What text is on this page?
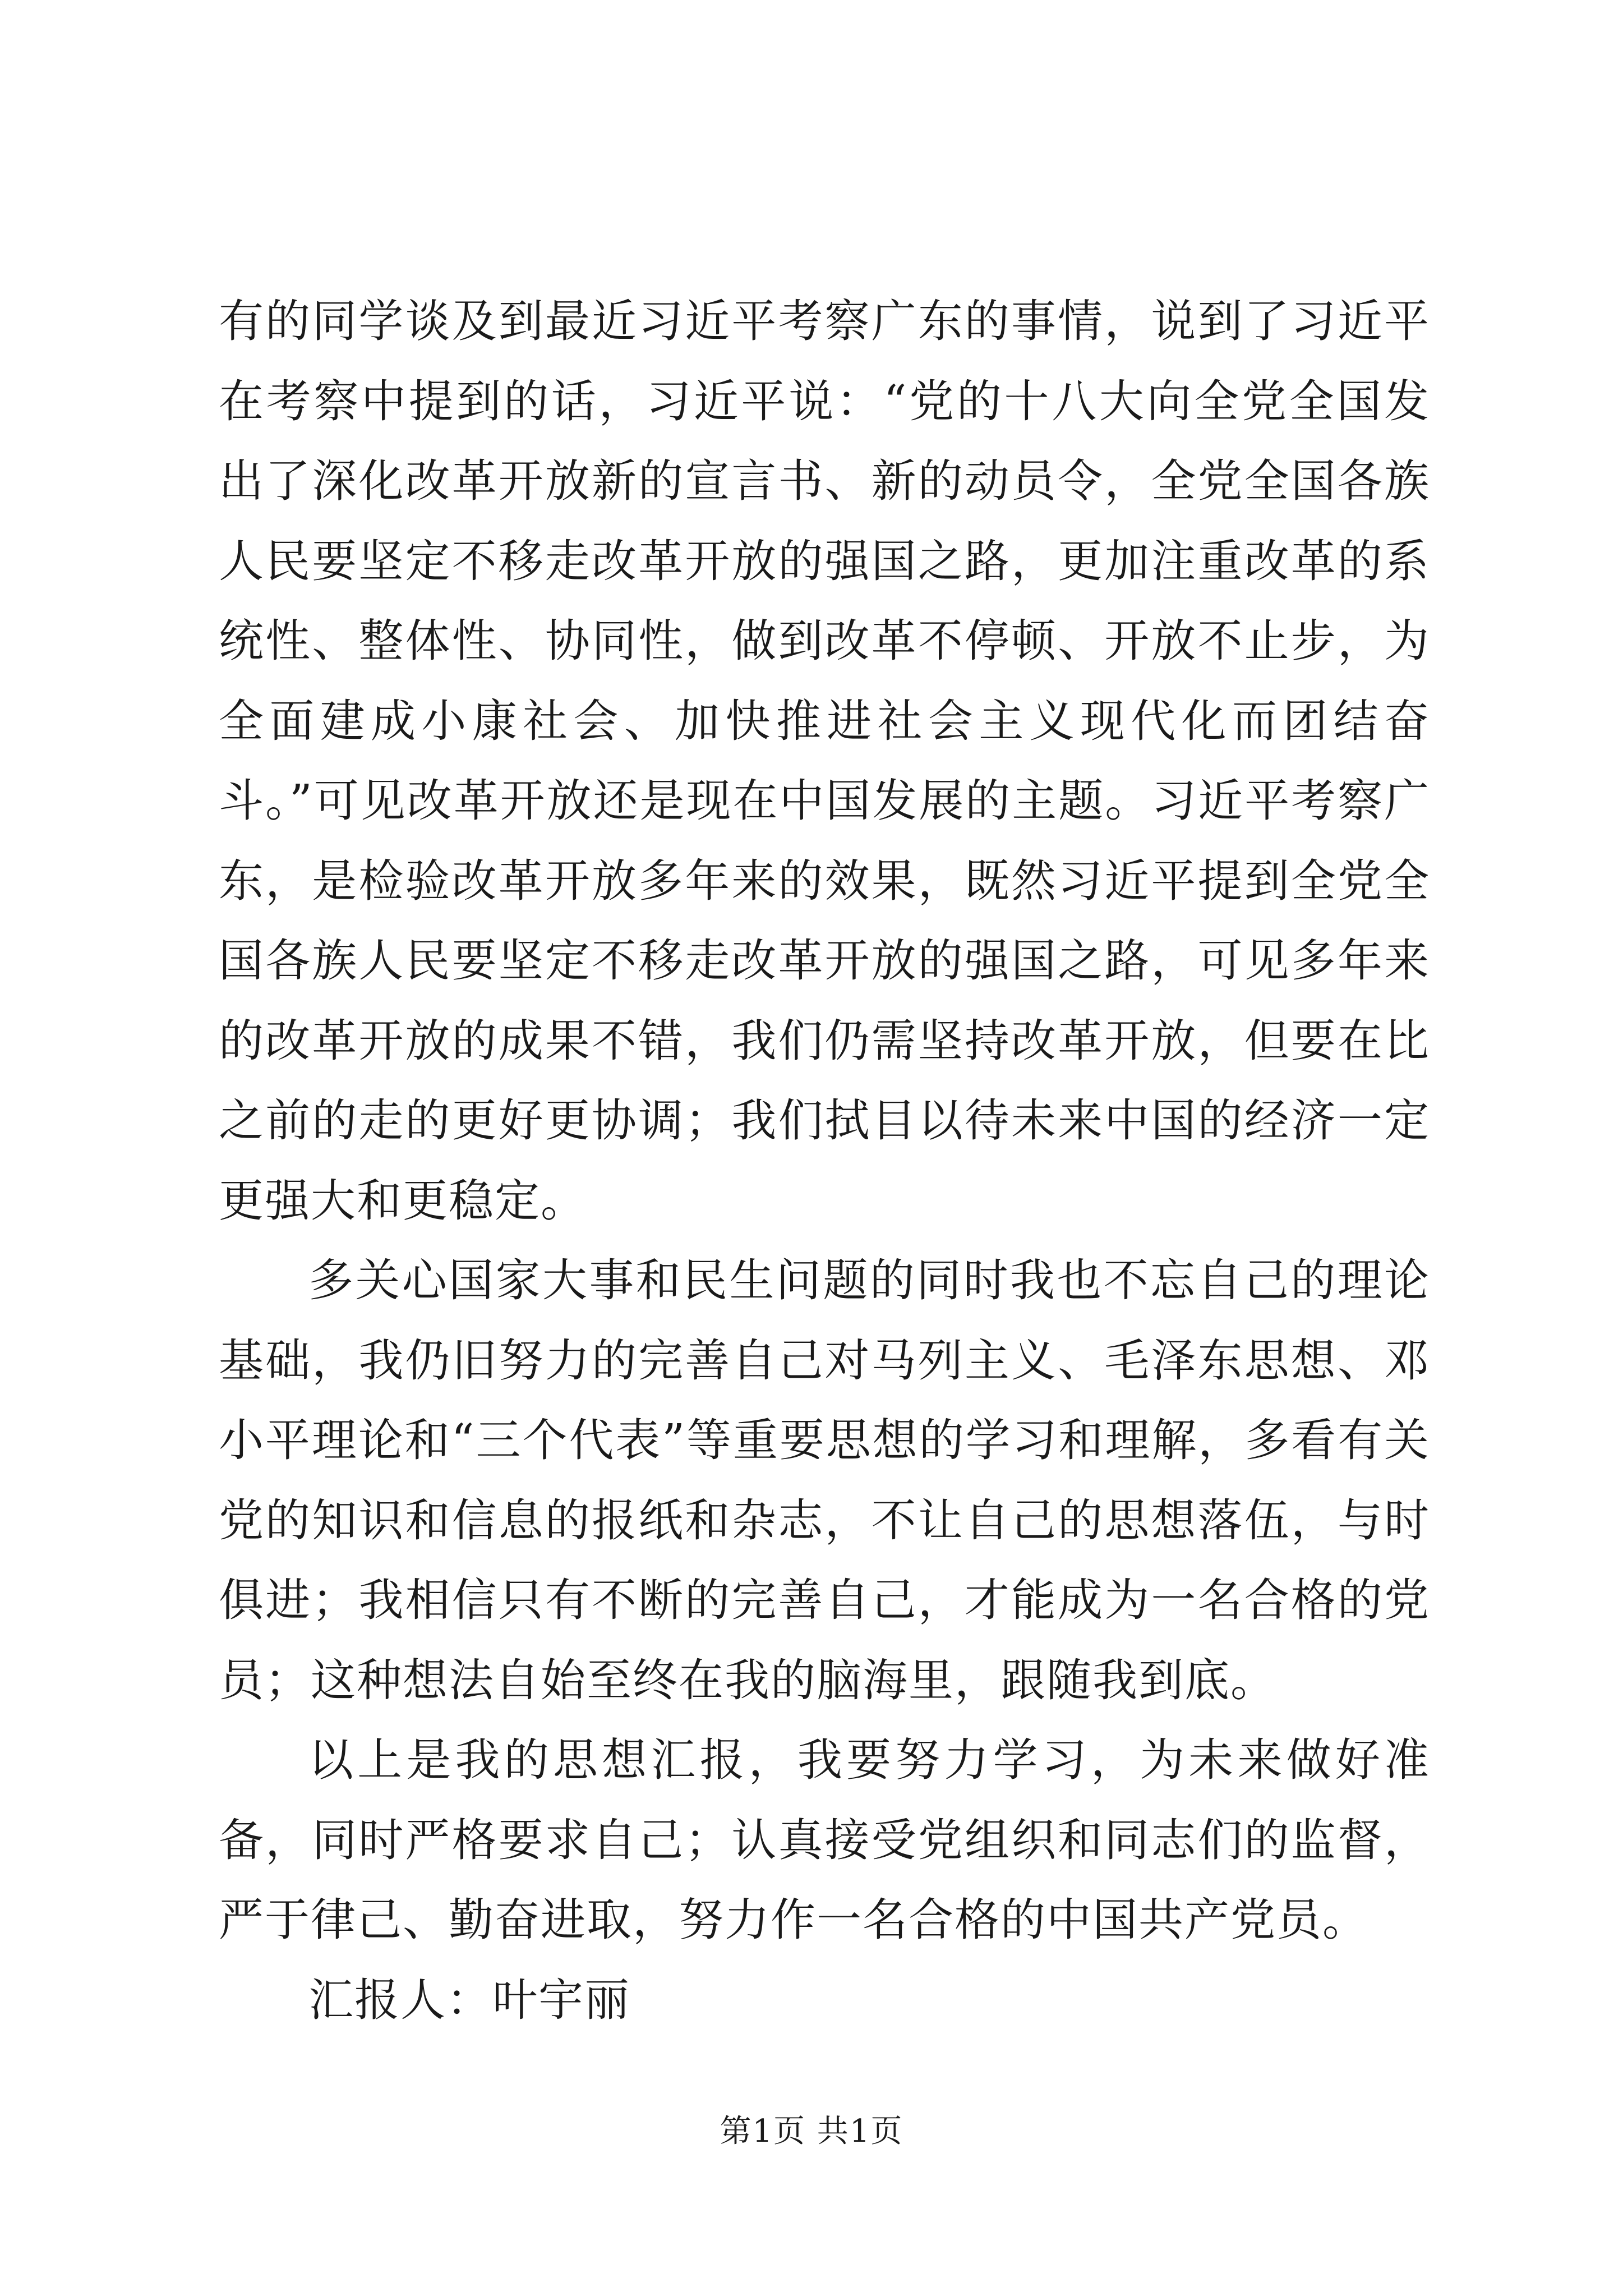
有的同学谈及到最近习近平考察广东的事情，说到了习近平在考察中提到的话，习近平说：“党的十八大向全党全国发出了深化改革开放新的宣言书、新的动员令，全党全国各族人民要坚定不移走改革开放的强国之路，更加注重改革的系统性、整体性、协同性，做到改革不停顿、开放不止步，为全面建成小康社会、加快推进社会主义现代化而团结奋斗。”可见改革开放还是现在中国发展的主题。习近平考察广东，是检验改革开放多年来的效果，既然习近平提到全党全国各族人民要坚定不移走改革开放的强国之路，可见多年来的改革开放的成果不错，我们仍需坚持改革开放，但要在比之前的走的更好更协调；我们拭目以待未来中国的经济一定更强大和更稳定。

多关心国家大事和民生问题的同时我也不忘自己的理论基础，我仍旧努力的完善自己对马列主义、毛泽东思想、邓小平理论和“三个代表”等重要思想的学习和理解，多看有关党的知识和信息的报纸和杂志，不让自己的思想落伍，与时俱进；我相信只有不断的完善自己，才能成为一名合格的党员；这种想法自始至终在我的脑海里，跟随我到底。

以上是我的思想汇报，我要努力学习，为未来做好准备，同时严格要求自己；认真接受党组织和同志们的监督，严于律己、勤奋进取，努力作一名合格的中国共产党员。

汇报人：叶宇丽

第1页 共1页
